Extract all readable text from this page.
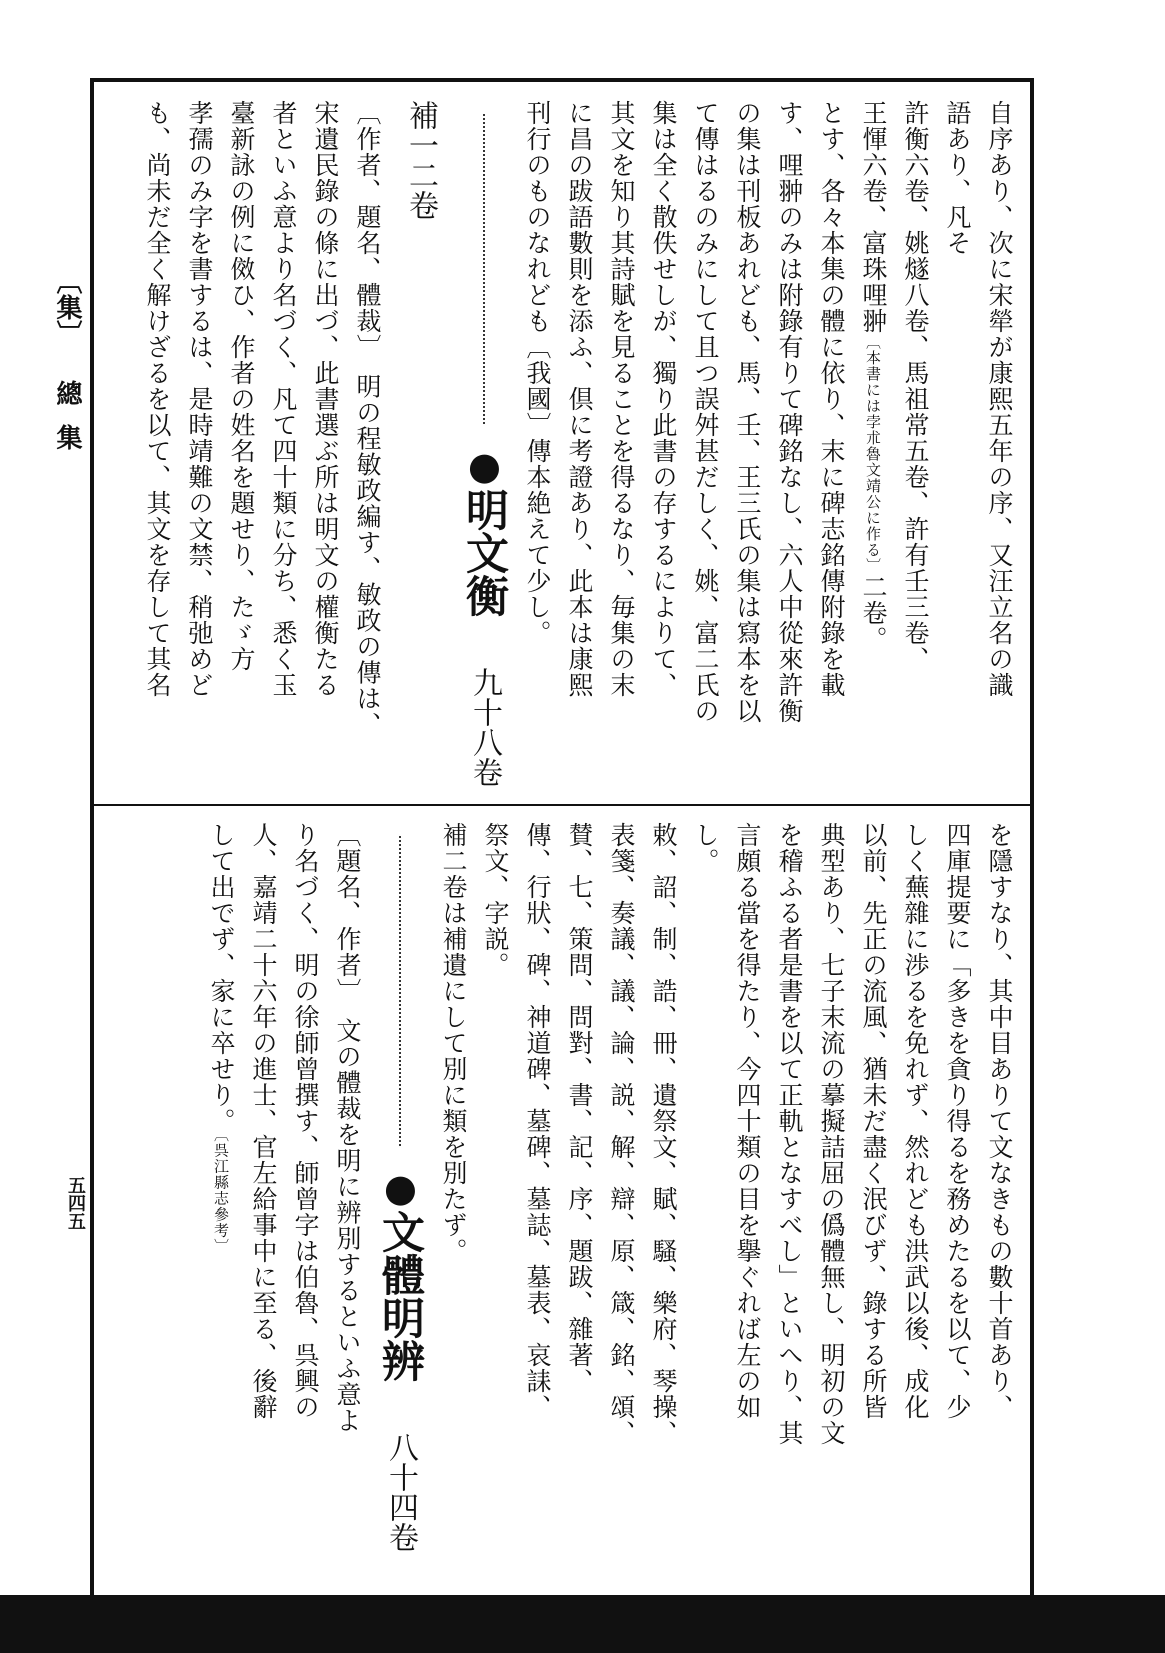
〔集〕
總集
五四五
自序あり、次に宋犖が康熙五年の序、又汪立名の識
語あり、凡そ
許衡六卷、姚燧八卷、馬祖常五卷、許有壬三卷、
王惲六卷、富珠哩翀〔本書には孛朮魯文靖公に作る〕二卷。
とす、各々本集の體に依り、末に碑志銘傳附錄を載
す、哩翀のみは附錄有りて碑銘なし、六人中從來許衡
の集は刊板あれども、馬、壬、王三氏の集は寫本を以
て傳はるのみにして且つ誤舛甚だしく、姚、富二氏の
集は全く散佚せしが、獨り此書の存するによりて、
其文を知り其詩賦を見ることを得るなり、毎集の末
に昌の跋語數則を添ふ、倶に考證あり、此本は康熙
刊行のものなれども〔我國〕傳本絶えて少し。
●明文衡 九十八卷補一二卷
〔作者、題名、體裁〕　明の程敏政編す、敏政の傳は、
宋遺民錄の條に出づ、此書選ぶ所は明文の權衡たる
者といふ意より名づく、凡て四十類に分ち、悉く玉
臺新詠の例に傚ひ、作者の姓名を題せり、たゞ方
孝孺のみ字を書するは、是時靖難の文禁、稍弛めど
も、尚未だ全く解けざるを以て、其文を存して其名
を隱すなり、其中目ありて文なきもの數十首あり、
四庫提要に「多きを貪り得るを務めたるを以て、少
しく蕪雜に渉るを免れず、然れども洪武以後、成化
以前、先正の流風、猶未だ盡く泯びず、錄する所皆
典型あり、七子末流の摹擬詰屈の僞體無し、明初の文
を稽ふる者是書を以て正軌となすべし」といへり、其
言頗る當を得たり、今四十類の目を擧ぐれば左の如
し。
敕、詔、制、誥、冊、遺祭文、賦、騷、樂府、琴操、
表箋、奏議、議、論、説、解、辯、原、箴、銘、頌、
賛、七、策問、問對、書、記、序、題跋、雜著、
傳、行狀、碑、神道碑、墓碑、墓誌、墓表、哀誄、
祭文、字説。
補二卷は補遺にして別に類を別たず。
●文體明辨 八十四卷
〔題名、作者〕　文の體裁を明に辨別するといふ意よ
り名づく、明の徐師曾撰す、師曾字は伯魯、呉興の
人、嘉靖二十六年の進士、官左給事中に至る、後辭
して出でず、家に卒せり。〔呉江縣志參考〕
